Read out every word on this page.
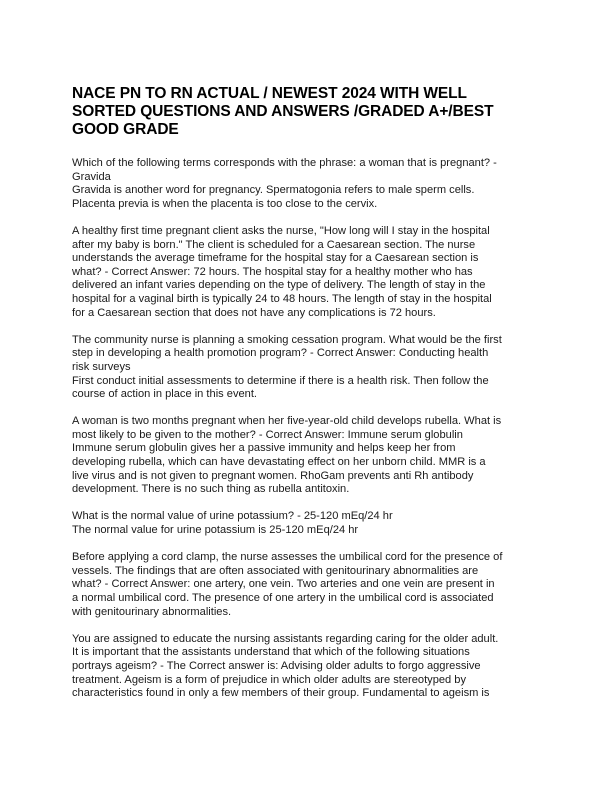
NACE PN TO RN ACTUAL / NEWEST 2024 WITH WELL
SORTED QUESTIONS AND ANSWERS /GRADED A+/BEST
GOOD GRADE

Which of the following terms corresponds with the phrase: a woman that is pregnant? -
Gravida
Gravida is another word for pregnancy. Spermatogonia refers to male sperm cells.
Placenta previa is when the placenta is too close to the cervix.

A healthy first time pregnant client asks the nurse, "How long will I stay in the hospital
after my baby is born." The client is scheduled for a Caesarean section. The nurse
understands the average timeframe for the hospital stay for a Caesarean section is
what? - Correct Answer: 72 hours. The hospital stay for a healthy mother who has
delivered an infant varies depending on the type of delivery. The length of stay in the
hospital for a vaginal birth is typically 24 to 48 hours. The length of stay in the hospital
for a Caesarean section that does not have any complications is 72 hours.

The community nurse is planning a smoking cessation program. What would be the first
step in developing a health promotion program? - Correct Answer: Conducting health
risk surveys
First conduct initial assessments to determine if there is a health risk. Then follow the
course of action in place in this event.

A woman is two months pregnant when her five-year-old child develops rubella. What is
most likely to be given to the mother? - Correct Answer: Immune serum globulin
Immune serum globulin gives her a passive immunity and helps keep her from
developing rubella, which can have devastating effect on her unborn child. MMR is a
live virus and is not given to pregnant women. RhoGam prevents anti Rh antibody
development. There is no such thing as rubella antitoxin.

What is the normal value of urine potassium? - 25-120 mEq/24 hr
The normal value for urine potassium is 25-120 mEq/24 hr

Before applying a cord clamp, the nurse assesses the umbilical cord for the presence of
vessels. The findings that are often associated with genitourinary abnormalities are
what? - Correct Answer: one artery, one vein. Two arteries and one vein are present in
a normal umbilical cord. The presence of one artery in the umbilical cord is associated
with genitourinary abnormalities.

You are assigned to educate the nursing assistants regarding caring for the older adult.
It is important that the assistants understand that which of the following situations
portrays ageism? - The Correct answer is: Advising older adults to forgo aggressive
treatment. Ageism is a form of prejudice in which older adults are stereotyped by
characteristics found in only a few members of their group. Fundamental to ageism is
